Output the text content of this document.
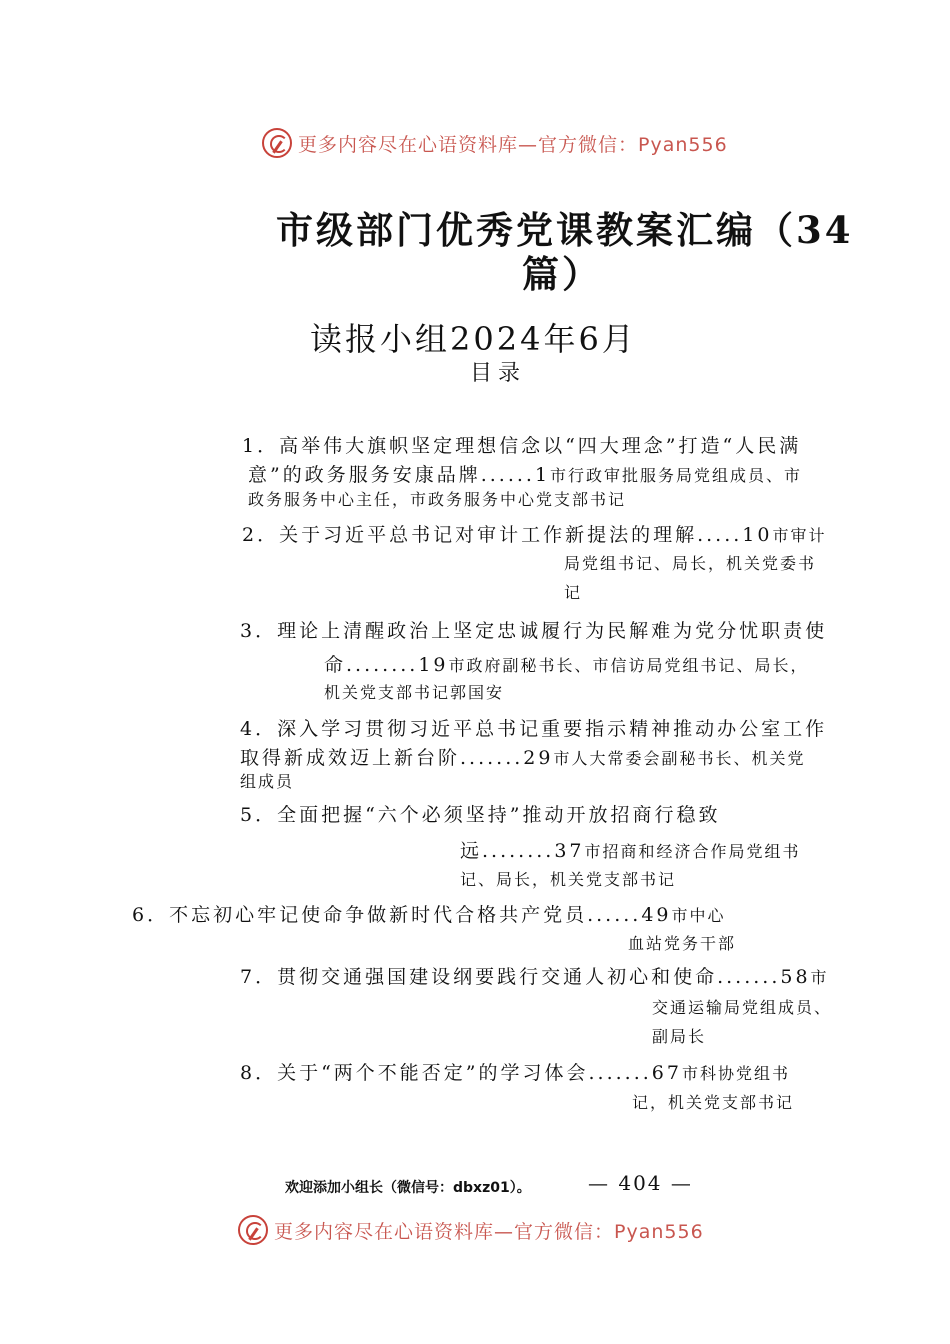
更多内容尽在心语资料库—官方微信：Pyan556
市级部门优秀党课教案汇编（34
篇）
读报小组2024年6月
目录
1．高举伟大旗帜坚定理想信念以“四大理念”打造“人民满
意”的政务服务安康品牌......1市行政审批服务局党组成员、市
政务服务中心主任，市政务服务中心党支部书记
2．关于习近平总书记对审计工作新提法的理解.....10市审计
局党组书记、局长，机关党委书
记
3．理论上清醒政治上坚定忠诚履行为民解难为党分忧职责使
命........19市政府副秘书长、市信访局党组书记、局长，
机关党支部书记郭国安
4．深入学习贯彻习近平总书记重要指示精神推动办公室工作
取得新成效迈上新台阶.......29市人大常委会副秘书长、机关党
组成员
5．全面把握“六个必须坚持”推动开放招商行稳致
远........37市招商和经济合作局党组书
记、局长，机关党支部书记
6．不忘初心牢记使命争做新时代合格共产党员......49市中心
血站党务干部
7．贯彻交通强国建设纲要践行交通人初心和使命.......58市
交通运输局党组成员、
副局长
8．关于“两个不能否定”的学习体会.......67市科协党组书
记，机关党支部书记
欢迎添加小组长（微信号：dbxz01）。	— 404 —
更多内容尽在心语资料库—官方微信：Pyan556
